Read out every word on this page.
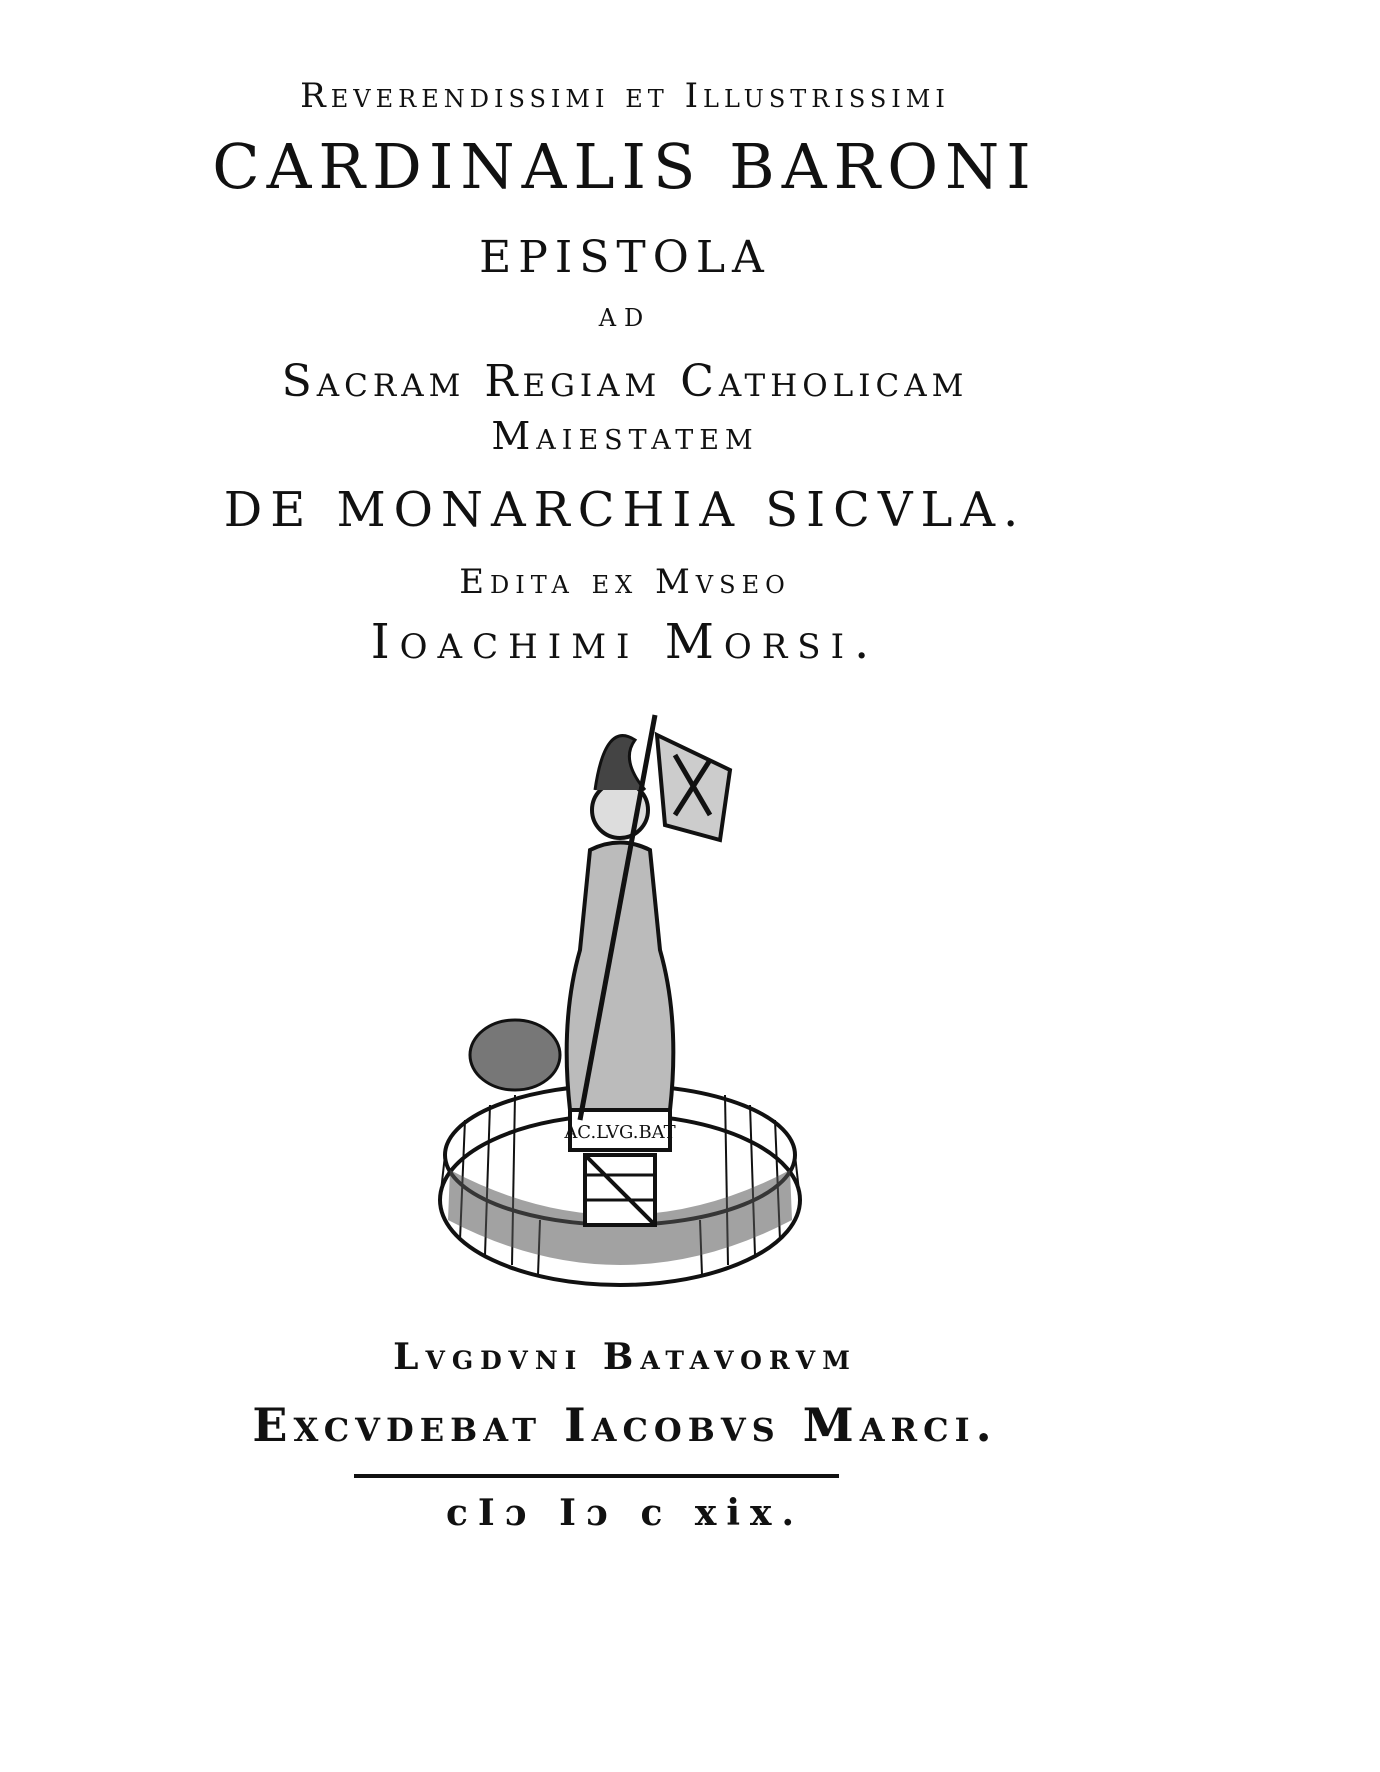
Reverendissimi et Illustrissimi
CARDINALIS BARONI
EPISTOLA
AD
Sacram Regiam Catholicam
Maiestatem
DE MONARCHIA SICVLA.
Edita ex Mvseo
Ioachimi Morsi.
AC.LVG.BAT
Lvgdvni Batavorvm
Excvdebat Iacobvs Marci.
cIɔ Iɔ c xix.
